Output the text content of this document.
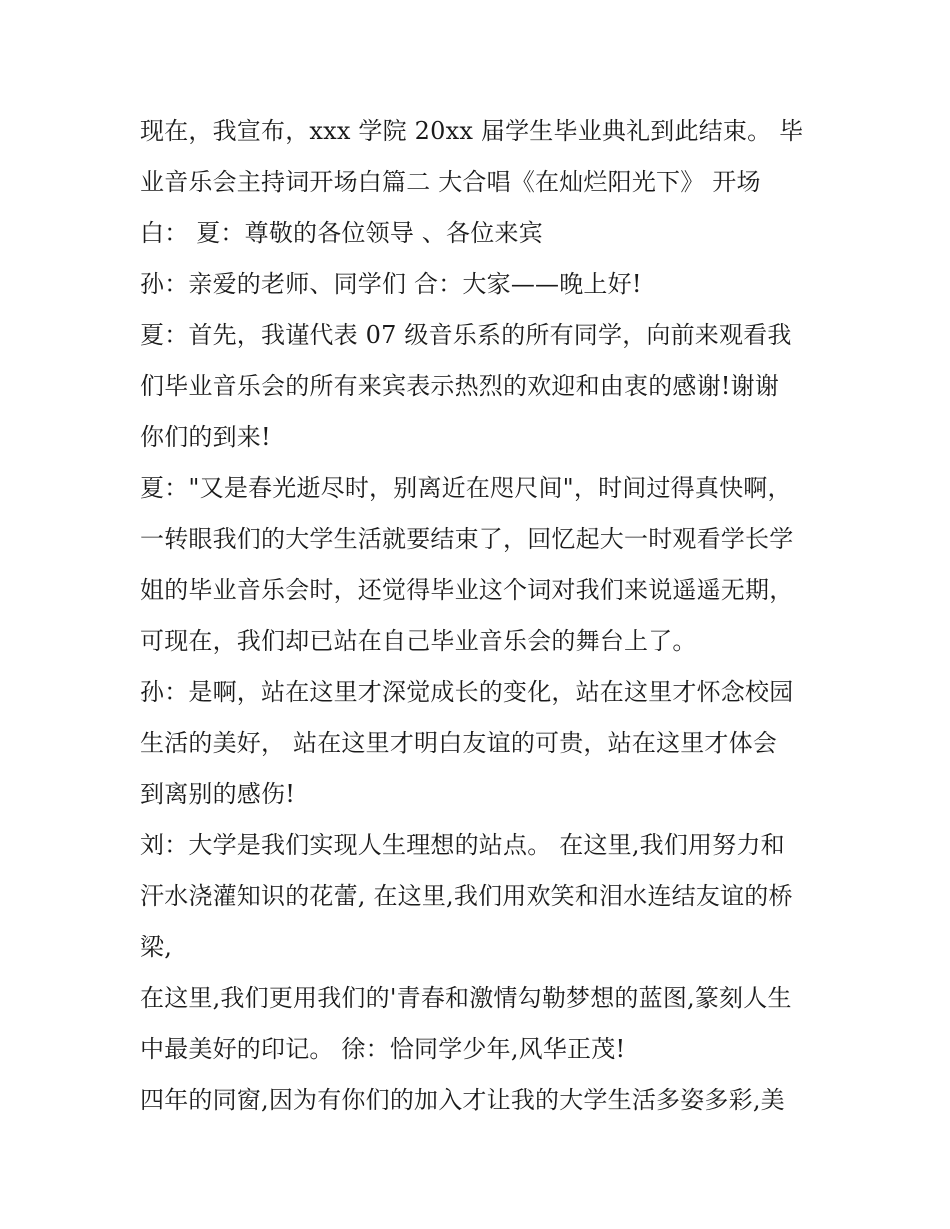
现在，我宣布，xxx 学院 20xx 届学生毕业典礼到此结束。 毕
业音乐会主持词开场白篇二 大合唱《在灿烂阳光下》 开场
白： 夏：尊敬的各位领导 、各位来宾
孙：亲爱的老师、同学们 合：大家——晚上好!
夏：首先，我谨代表 07 级音乐系的所有同学，向前来观看我
们毕业音乐会的所有来宾表示热烈的欢迎和由衷的感谢!谢谢
你们的到来!
夏："又是春光逝尽时，别离近在咫尺间"，时间过得真快啊，
一转眼我们的大学生活就要结束了，回忆起大一时观看学长学
姐的毕业音乐会时，还觉得毕业这个词对我们来说遥遥无期，
可现在，我们却已站在自己毕业音乐会的舞台上了。
孙：是啊，站在这里才深觉成长的变化，站在这里才怀念校园
生活的美好， 站在这里才明白友谊的可贵，站在这里才体会
到离别的感伤!
刘：大学是我们实现人生理想的站点。 在这里,我们用努力和
汗水浇灌知识的花蕾, 在这里,我们用欢笑和泪水连结友谊的桥
梁,
在这里,我们更用我们的'青春和激情勾勒梦想的蓝图,篆刻人生
中最美好的印记。 徐：恰同学少年,风华正茂!
四年的同窗,因为有你们的加入才让我的大学生活多姿多彩,美
